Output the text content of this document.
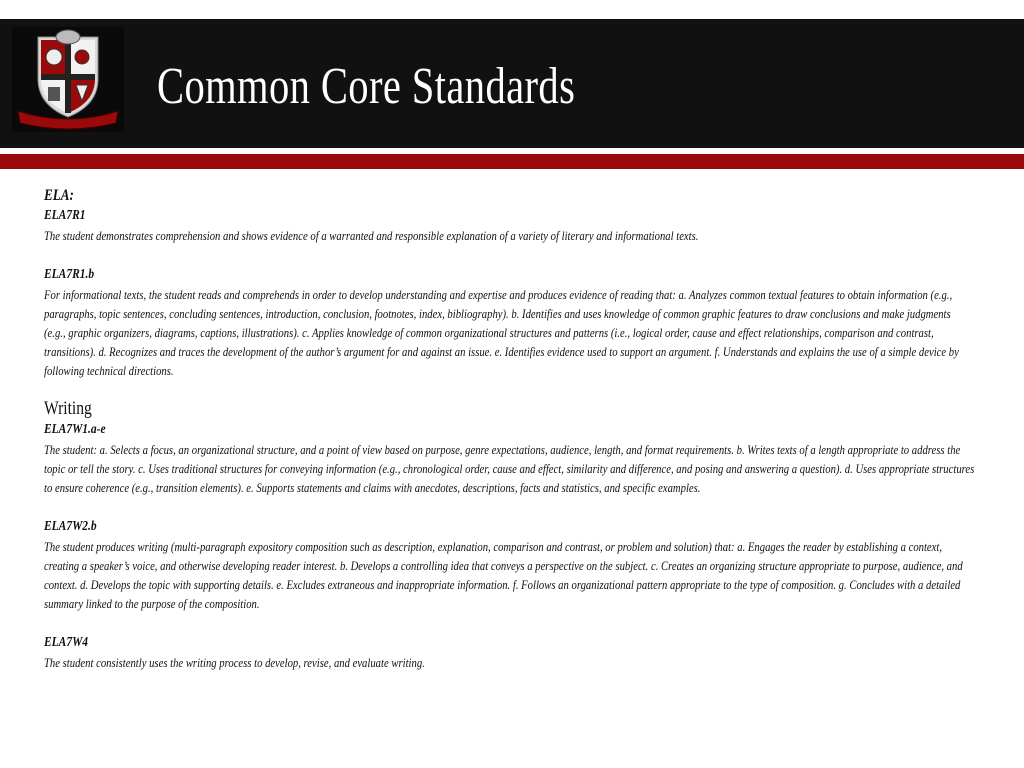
Common Core Standards

ELA:

ELA7R1

The student demonstrates comprehension and shows evidence of a warranted and responsible explanation of a variety of literary and informational texts.

ELA7R1.b

For informational texts, the student reads and comprehends in order to develop understanding and expertise and produces evidence of reading that: a. Analyzes common textual features to obtain information (e.g., paragraphs, topic sentences, concluding sentences, introduction, conclusion, footnotes, index, bibliography). b. Identifies and uses knowledge of common graphic features to draw conclusions and make judgments (e.g., graphic organizers, diagrams, captions, illustrations). c. Applies knowledge of common organizational structures and patterns (i.e., logical order, cause and effect relationships, comparison and contrast, transitions). d. Recognizes and traces the development of the author’s argument for and against an issue. e. Identifies evidence used to support an argument. f. Understands and explains the use of a simple device by following technical directions.

Writing

ELA7W1.a-e

The student: a. Selects a focus, an organizational structure, and a point of view based on purpose, genre expectations, audience, length, and format requirements. b. Writes texts of a length appropriate to address the topic or tell the story. c. Uses traditional structures for conveying information (e.g., chronological order, cause and effect, similarity and difference, and posing and answering a question). d. Uses appropriate structures to ensure coherence (e.g., transition elements). e. Supports statements and claims with anecdotes, descriptions, facts and statistics, and specific examples.

ELA7W2.b

The student produces writing (multi-paragraph expository composition such as description, explanation, comparison and contrast, or problem and solution) that: a. Engages the reader by establishing a context, creating a speaker’s voice, and otherwise developing reader interest. b. Develops a controlling idea that conveys a perspective on the subject. c. Creates an organizing structure appropriate to purpose, audience, and context. d. Develops the topic with supporting details. e. Excludes extraneous and inappropriate information. f. Follows an organizational pattern appropriate to the type of composition. g. Concludes with a detailed summary linked to the purpose of the composition.

ELA7W4

The student consistently uses the writing process to develop, revise, and evaluate writing.
